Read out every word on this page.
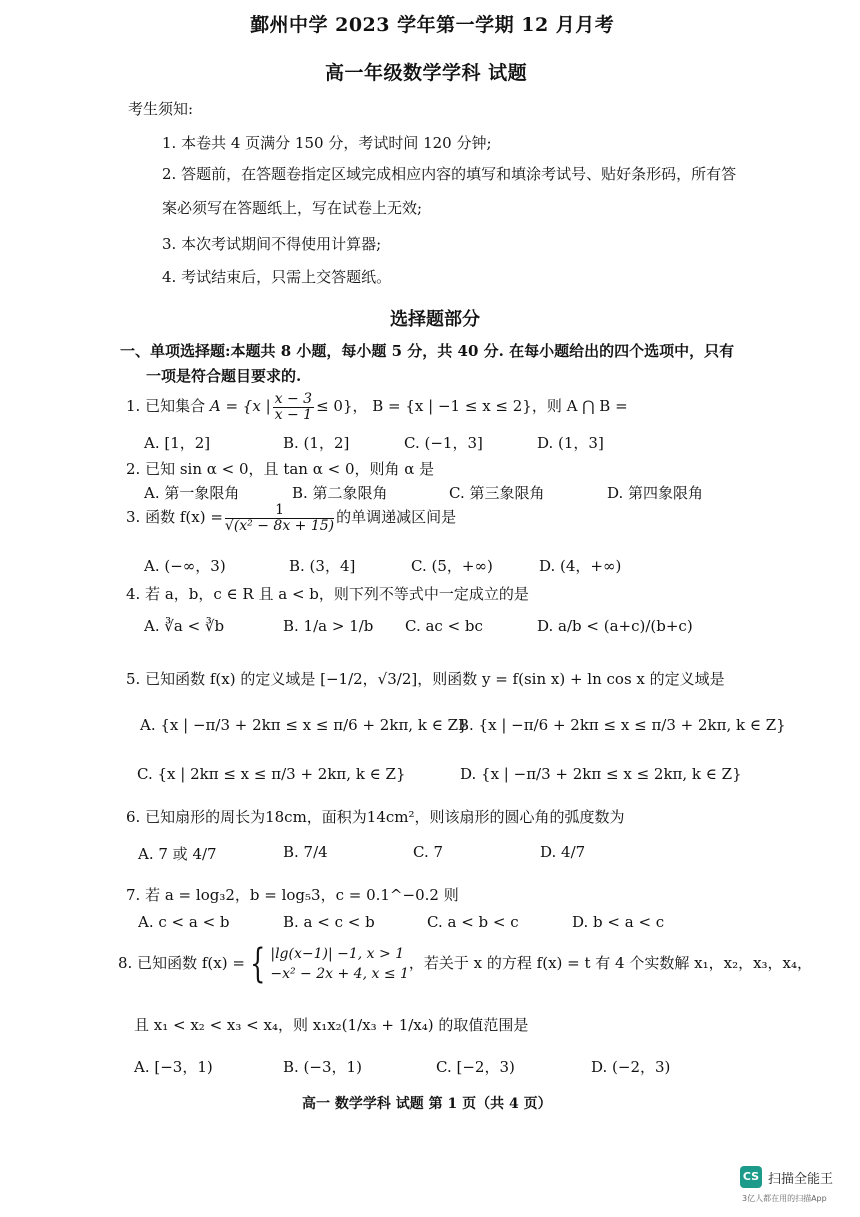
鄞州中学 2023 学年第一学期 12 月月考
高一年级数学学科 试题
考生须知:
1. 本卷共 4 页满分 150 分，考试时间 120 分钟;
2. 答题前，在答题卷指定区域完成相应内容的填写和填涂考试号、贴好条形码，所有答
案必须写在答题纸上，写在试卷上无效;
3. 本次考试期间不得使用计算器;
4. 考试结束后，只需上交答题纸。
选择题部分
一、单项选择题:本题共 8 小题，每小题 5 分，共 40 分. 在每小题给出的四个选项中，只有
一项是符合题目要求的.
1. 已知集合 A = {x | $\frac{x - 3}{x - 1} \le 0$}， B = {x | −1 ≤ x ≤ 2}，则 A ⋂ B =
A. [1，2]	B. (1，2]	C. (−1，3]	D. (1，3]
2. 已知 sin α < 0，且 tan α < 0，则角 α 是
A. 第一象限角	B. 第二象限角	C. 第三象限角	D. 第四象限角
3. 函数 $f(x) = \frac{1}{\text{√(x² − 8x + 15)}}$ 的单调递减区间是
A. (−∞，3)	B. (3，4]	C. (5，+∞)	D. (4，+∞)
4. 若 a，b，c ∈ R 且 a < b，则下列不等式中一定成立的是
A. ∛a < ∛b	B. 1/a > 1/b C. ac < bc	D. a/b < (a+c)/(b+c)
5. 已知函数 f(x) 的定义域是 [−1/2，√3/2]，则函数 y = f(sin x) + ln cos x 的定义域是
A. {x | −π/3 + 2kπ ≤ x ≤ π/6 + 2kπ, k ∈ Z}
B. {x | −π/6 + 2kπ ≤ x ≤ π/3 + 2kπ, k ∈ Z}
C. {x | 2kπ ≤ x ≤ π/3 + 2kπ, k ∈ Z}	D. {x | −π/3 + 2kπ ≤ x ≤ 2kπ, k ∈ Z}
6. 已知扇形的周长为18cm，面积为14cm²，则该扇形的圆心角的弧度数为
A. 7 或 4/7	B. 7/4	C. 7	D. 4/7
7. 若 a = log₃2，b = log₅3，c = 0.1^−0.2 则
A. c < a < b	B. a < c < b	C. a < b < c	D. b < a < c
8. 已知函数 f(x) = { |lg(x−1)| −1, x > 1
−x² − 2x + 4, x ≤ 1
，若关于 x 的方程 f(x) = t 有 4 个实数解 x₁，x₂，x₃，x₄，
且 x₁ < x₂ < x₃ < x₄，则 x₁x₂(1/x₃ + 1/x₄) 的取值范围是
A. [−3，1)	B. (−3，1)	C. [−2，3)	D. (−2，3)
高一 数学学科 试题 第 1 页（共 4 页）
CS 扫描全能王
3亿人都在用的扫描App
